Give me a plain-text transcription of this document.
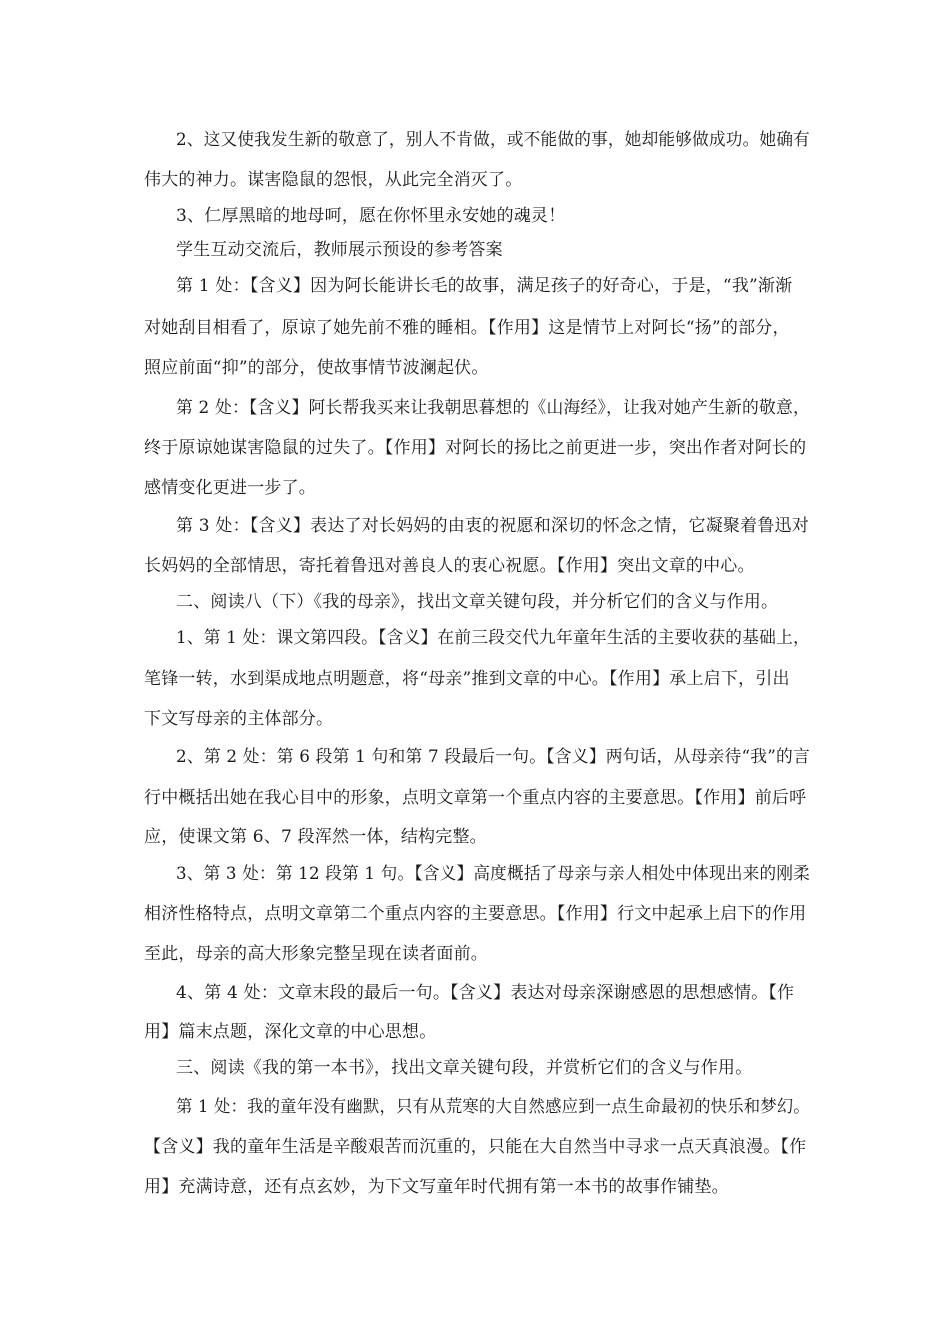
2、这又使我发生新的敬意了，别人不肯做，或不能做的事，她却能够做成功。她确有
伟大的神力。谋害隐鼠的怨恨，从此完全消灭了。
3、仁厚黑暗的地母呵，愿在你怀里永安她的魂灵！
学生互动交流后，教师展示预设的参考答案
第 1 处：【含义】因为阿长能讲长毛的故事，满足孩子的好奇心，于是，“我”渐渐
对她刮目相看了，原谅了她先前不雅的睡相。【作用】这是情节上对阿长“扬”的部分，
照应前面“抑”的部分，使故事情节波澜起伏。
第 2 处：【含义】阿长帮我买来让我朝思暮想的《山海经》，让我对她产生新的敬意，
终于原谅她谋害隐鼠的过失了。【作用】对阿长的扬比之前更进一步，突出作者对阿长的
感情变化更进一步了。
第 3 处：【含义】表达了对长妈妈的由衷的祝愿和深切的怀念之情，它凝聚着鲁迅对
长妈妈的全部情思，寄托着鲁迅对善良人的衷心祝愿。【作用】突出文章的中心。
二、阅读八（下）《我的母亲》，找出文章关键句段，并分析它们的含义与作用。
1、第 1 处：课文第四段。【含义】在前三段交代九年童年生活的主要收获的基础上，
笔锋一转，水到渠成地点明题意，将“母亲”推到文章的中心。【作用】承上启下，引出
下文写母亲的主体部分。
2、第 2 处：第 6 段第 1 句和第 7 段最后一句。【含义】两句话，从母亲待“我”的言
行中概括出她在我心目中的形象，点明文章第一个重点内容的主要意思。【作用】前后呼
应，使课文第 6、7 段浑然一体，结构完整。
3、第 3 处：第 12 段第 1 句。【含义】高度概括了母亲与亲人相处中体现出来的刚柔
相济性格特点，点明文章第二个重点内容的主要意思。【作用】行文中起承上启下的作用
至此，母亲的高大形象完整呈现在读者面前。
4、第 4 处：文章末段的最后一句。【含义】表达对母亲深谢感恩的思想感情。【作
用】篇末点题，深化文章的中心思想。
三、阅读《我的第一本书》，找出文章关键句段，并赏析它们的含义与作用。
第 1 处：我的童年没有幽默，只有从荒寒的大自然感应到一点生命最初的快乐和梦幻。
【含义】我的童年生活是辛酸艰苦而沉重的，只能在大自然当中寻求一点天真浪漫。【作
用】充满诗意，还有点玄妙，为下文写童年时代拥有第一本书的故事作铺垫。
